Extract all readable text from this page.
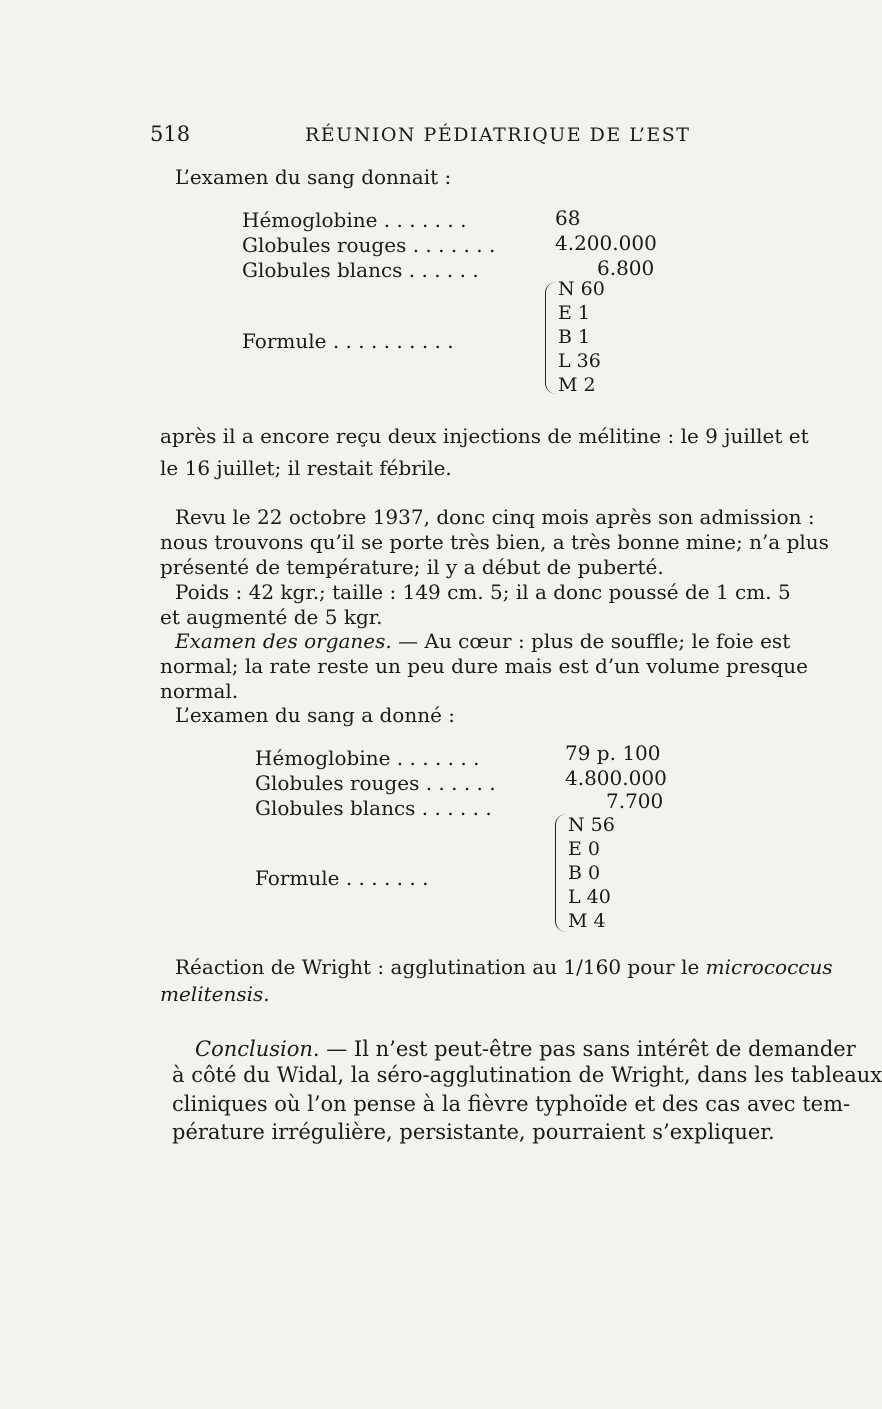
518	RÉUNION PÉDIATRIQUE DE L’EST
L’examen du sang donnait :
Hémoglobine . . . . . . .	68
Globules rouges . . . . . . .	4.200.000
Globules blancs . . . . . .	6.800
Formule . . . . . . . . . .
N 60
E 1
B 1
L 36
M 2
après il a encore reçu deux injections de mélitine : le 9 juillet et
le 16 juillet; il restait fébrile.
Revu le 22 octobre 1937, donc cinq mois après son admission :
nous trouvons qu’il se porte très bien, a très bonne mine; n’a plus
présenté de température; il y a début de puberté.
Poids : 42 kgr.; taille : 149 cm. 5; il a donc poussé de 1 cm. 5
et augmenté de 5 kgr.
Examen des organes. — Au cœur : plus de souffle; le foie est
normal; la rate reste un peu dure mais est d’un volume presque
normal.
L’examen du sang a donné :
Hémoglobine . . . . . . .	79 p. 100
Globules rouges . . . . . .	4.800.000
Globules blancs . . . . . .	7.700
Formule . . . . . . .
N 56
E 0
B 0
L 40
M 4
Réaction de Wright : agglutination au 1/160 pour le micrococcus
melitensis.
Conclusion. — Il n’est peut-être pas sans intérêt de demander
à côté du Widal, la séro-agglutination de Wright, dans les tableaux
cliniques où l’on pense à la fièvre typhoïde et des cas avec tem-
pérature irrégulière, persistante, pourraient s’expliquer.
